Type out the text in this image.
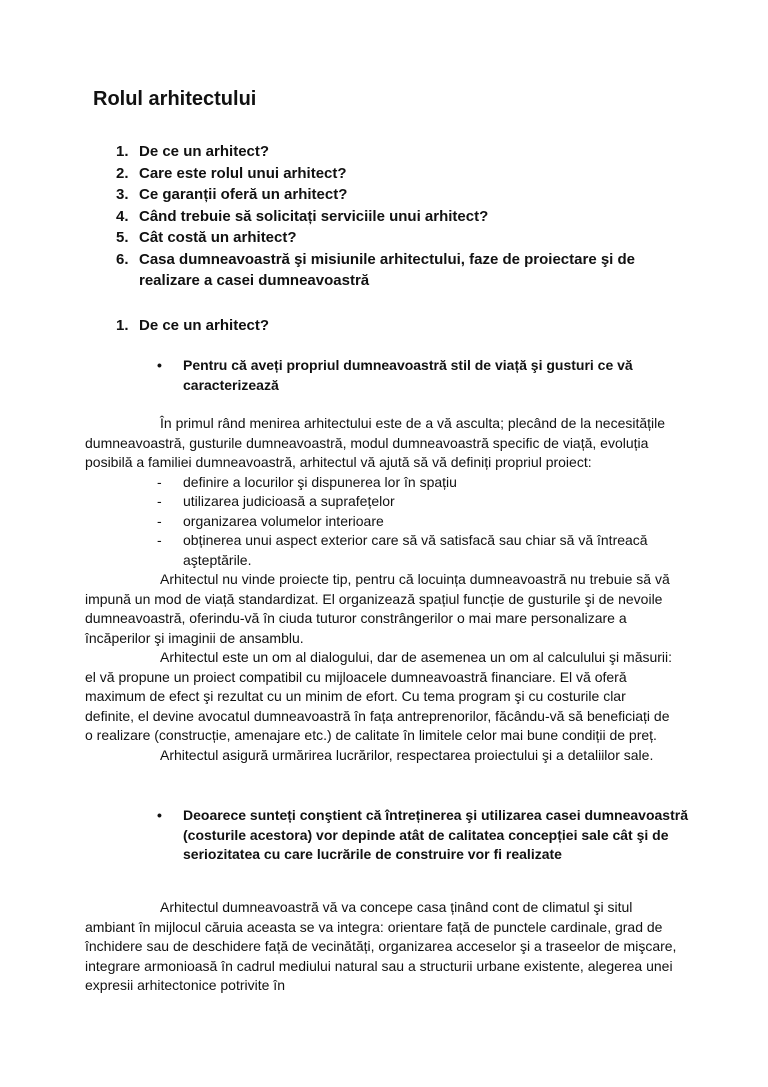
Rolul arhitectului
1. De ce un arhitect?
2. Care este rolul unui arhitect?
3. Ce garanții oferă un arhitect?
4. Când trebuie să solicitați serviciile unui arhitect?
5. Cât costă un arhitect?
6. Casa dumneavoastră şi misiunile arhitectului, faze de proiectare şi de realizare a casei dumneavoastră
1. De ce un arhitect?
• Pentru că aveți propriul dumneavoastră stil de viață şi gusturi ce vă caracterizează

În primul rând menirea arhitectului este de a vă asculta; plecând de la necesitățile dumneavoastră, gusturile dumneavoastră, modul dumneavoastră specific de viață, evoluția posibilă a familiei dumneavoastră, arhitectul vă ajută să vă definiți propriul proiect:

- definire a locurilor şi dispunerea lor în spațiu
- utilizarea judicioasă a suprafețelor
- organizarea volumelor interioare
- obținerea unui aspect exterior care să vă satisfacă sau chiar să vă întreacă aşteptările.

Arhitectul nu vinde proiecte tip, pentru că locuința dumneavoastră nu trebuie să vă impună un mod de viață standardizat. El organizează spațiul funcție de gusturile şi de nevoile dumneavoastră, oferindu-vă în ciuda tuturor constrângerilor o mai mare personalizare a încăperilor şi imaginii de ansamblu.

Arhitectul este un om al dialogului, dar de asemenea un om al calculului şi măsurii: el vă propune un proiect compatibil cu mijloacele dumneavoastră financiare. El vă oferă maximum de efect şi rezultat cu un minim de efort. Cu tema program şi cu costurile clar definite, el devine avocatul dumneavoastră în fața antreprenorilor, făcându-vă să beneficiați de o realizare (construcție, amenajare etc.) de calitate în limitele celor mai bune condiții de preț.

Arhitectul asigură urmărirea lucrărilor, respectarea proiectului şi a detaliilor sale.

• Deoarece sunteți conştient că întreținerea şi utilizarea casei dumneavoastră (costurile acestora) vor depinde atât de calitatea concepției sale cât şi de seriozitatea cu care lucrările de construire vor fi realizate

Arhitectul dumneavoastră vă va concepe casa ținând cont de climatul şi situl ambiant în mijlocul căruia aceasta se va integra: orientare față de punctele cardinale, grad de închidere sau de deschidere față de vecinătăți, organizarea acceselor şi a traseelor de mişcare, integrare armonioasă în cadrul mediului natural sau a structurii urbane existente, alegerea unei expresii arhitectonice potrivite în
